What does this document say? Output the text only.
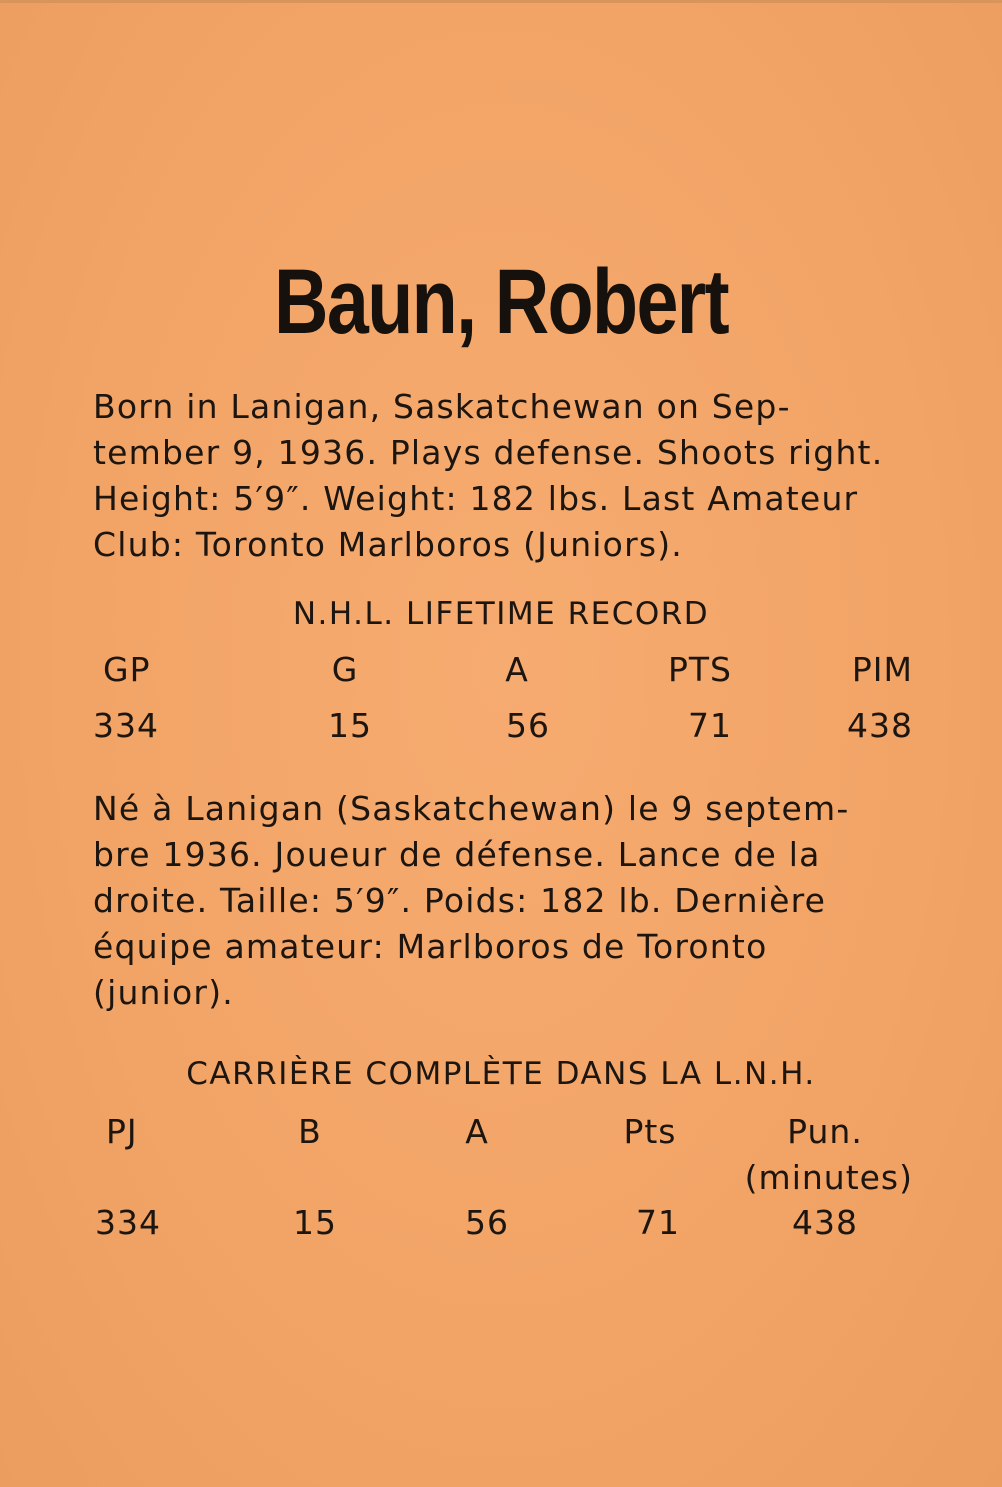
Baun, Robert
Born in Lanigan, Saskatchewan on Sep-
tember 9, 1936. Plays defense. Shoots right.
Height: 5′9″. Weight: 182 lbs. Last Amateur
Club: Toronto Marlboros (Juniors).
N.H.L. LIFETIME RECORD
GP	G	A	PTS	PIM
334	15	56	71	438
Né à Lanigan (Saskatchewan) le 9 septem-
bre 1936. Joueur de défense. Lance de la
droite. Taille: 5′9″. Poids: 182 lb. Dernière
équipe amateur: Marlboros de Toronto
(junior).
CARRIÈRE COMPLÈTE DANS LA L.N.H.
PJ	B	A	Pts	Pun.
(minutes)
334	15	56	71	438
